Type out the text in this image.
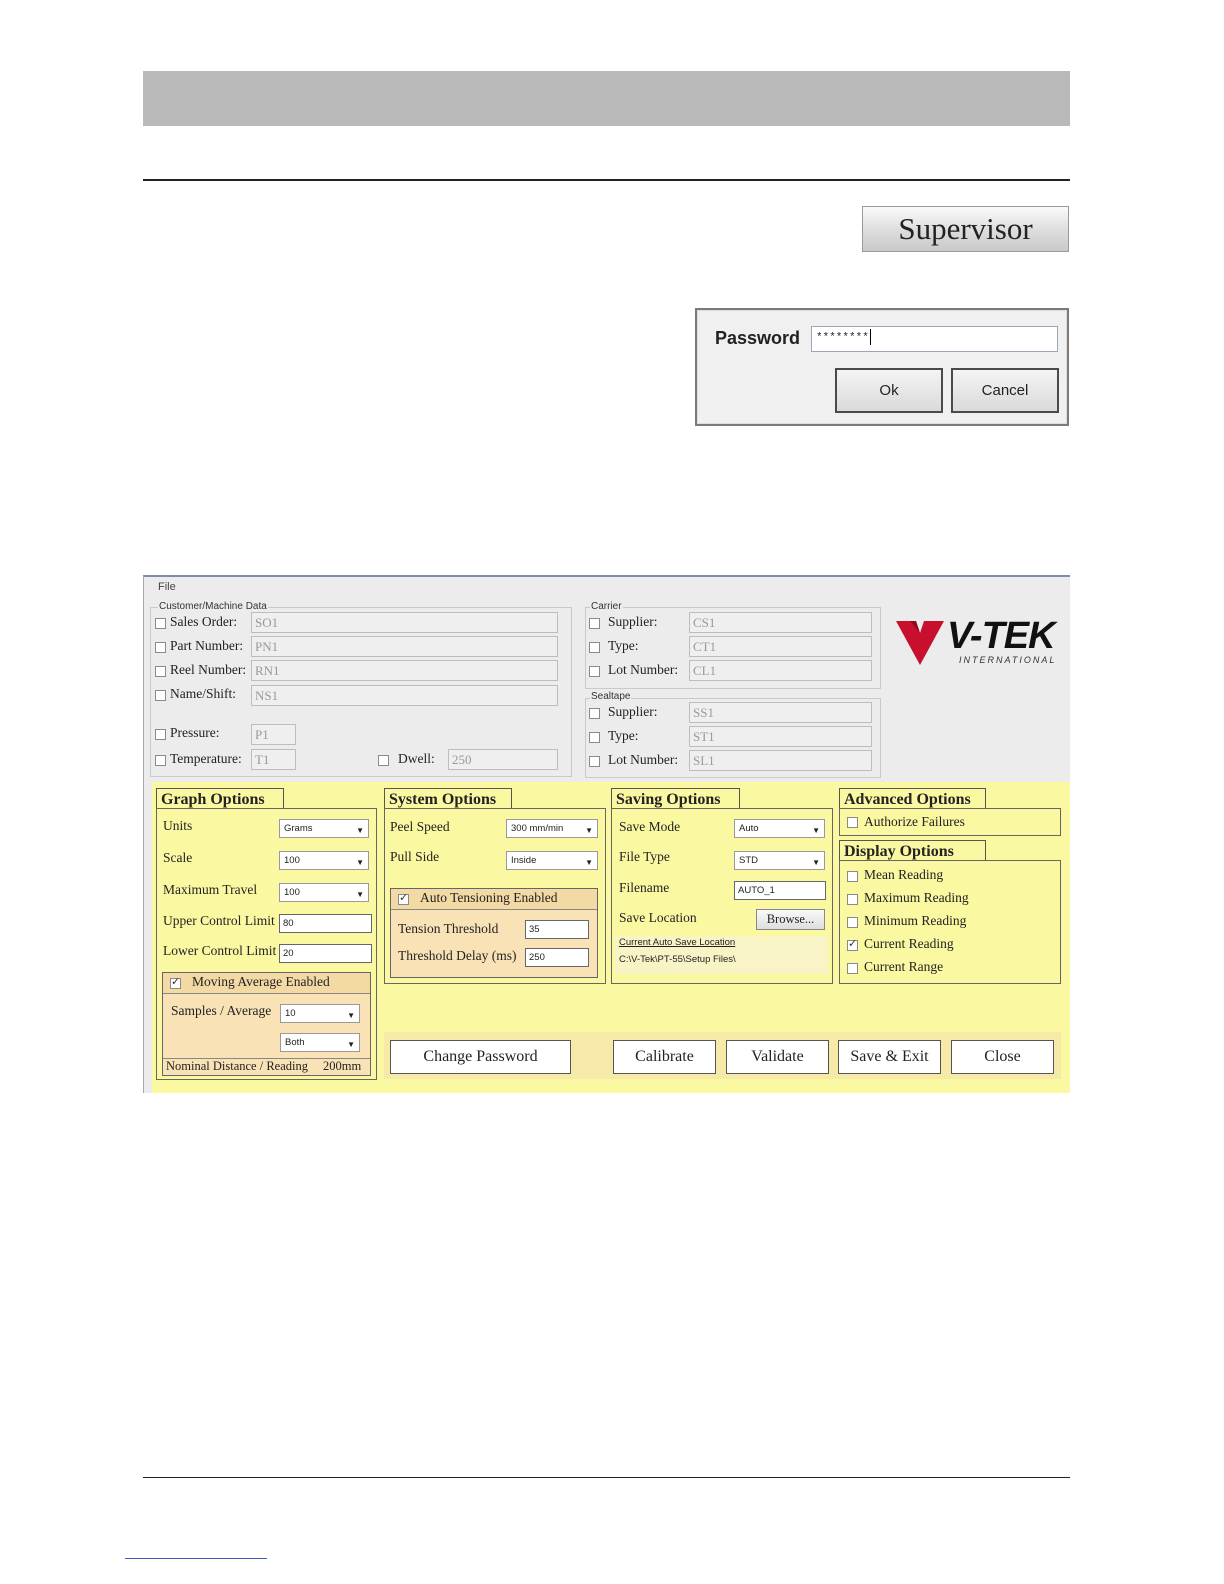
Supervisor
Password	********
Ok	Cancel
File
Customer/Machine Data
Sales Order:	SO1
Part Number: PN1
Reel Number: RN1
Name/Shift:	NS1
Pressure:	P1
Temperature:	T1	Dwell:	250
Carrier
Supplier:	CS1
Type:	CT1
Lot Number:	CL1
Sealtape
Supplier:	SS1
Type:	ST1
Lot Number:	SL1
V-TEK
INTERNATIONAL
Graph Options
Units	Grams	▼
Scale	100	▼
Maximum Travel	100	▼
Upper Control Limit 80
Lower Control Limit 20
✓
Moving Average Enabled
Samples / Average	10	▼
Both	▼
Nominal Distance / Reading 200mm
System Options
Peel Speed	300 mm/min	▼
Pull Side	Inside	▼
✓
Auto Tensioning Enabled
Tension Threshold	35
Threshold Delay (ms)	250
Saving Options
Save Mode	Auto	▼
File Type	STD	▼
Filename	AUTO_1
Save Location	Browse...
Current Auto Save Location
C:\V-Tek\PT-55\Setup Files\
Advanced Options
Authorize Failures
Display Options
Mean Reading
Maximum Reading
Minimum Reading
✓
Current Reading
Current Range
Change Password	Calibrate	Validate	Save & Exit	Close
